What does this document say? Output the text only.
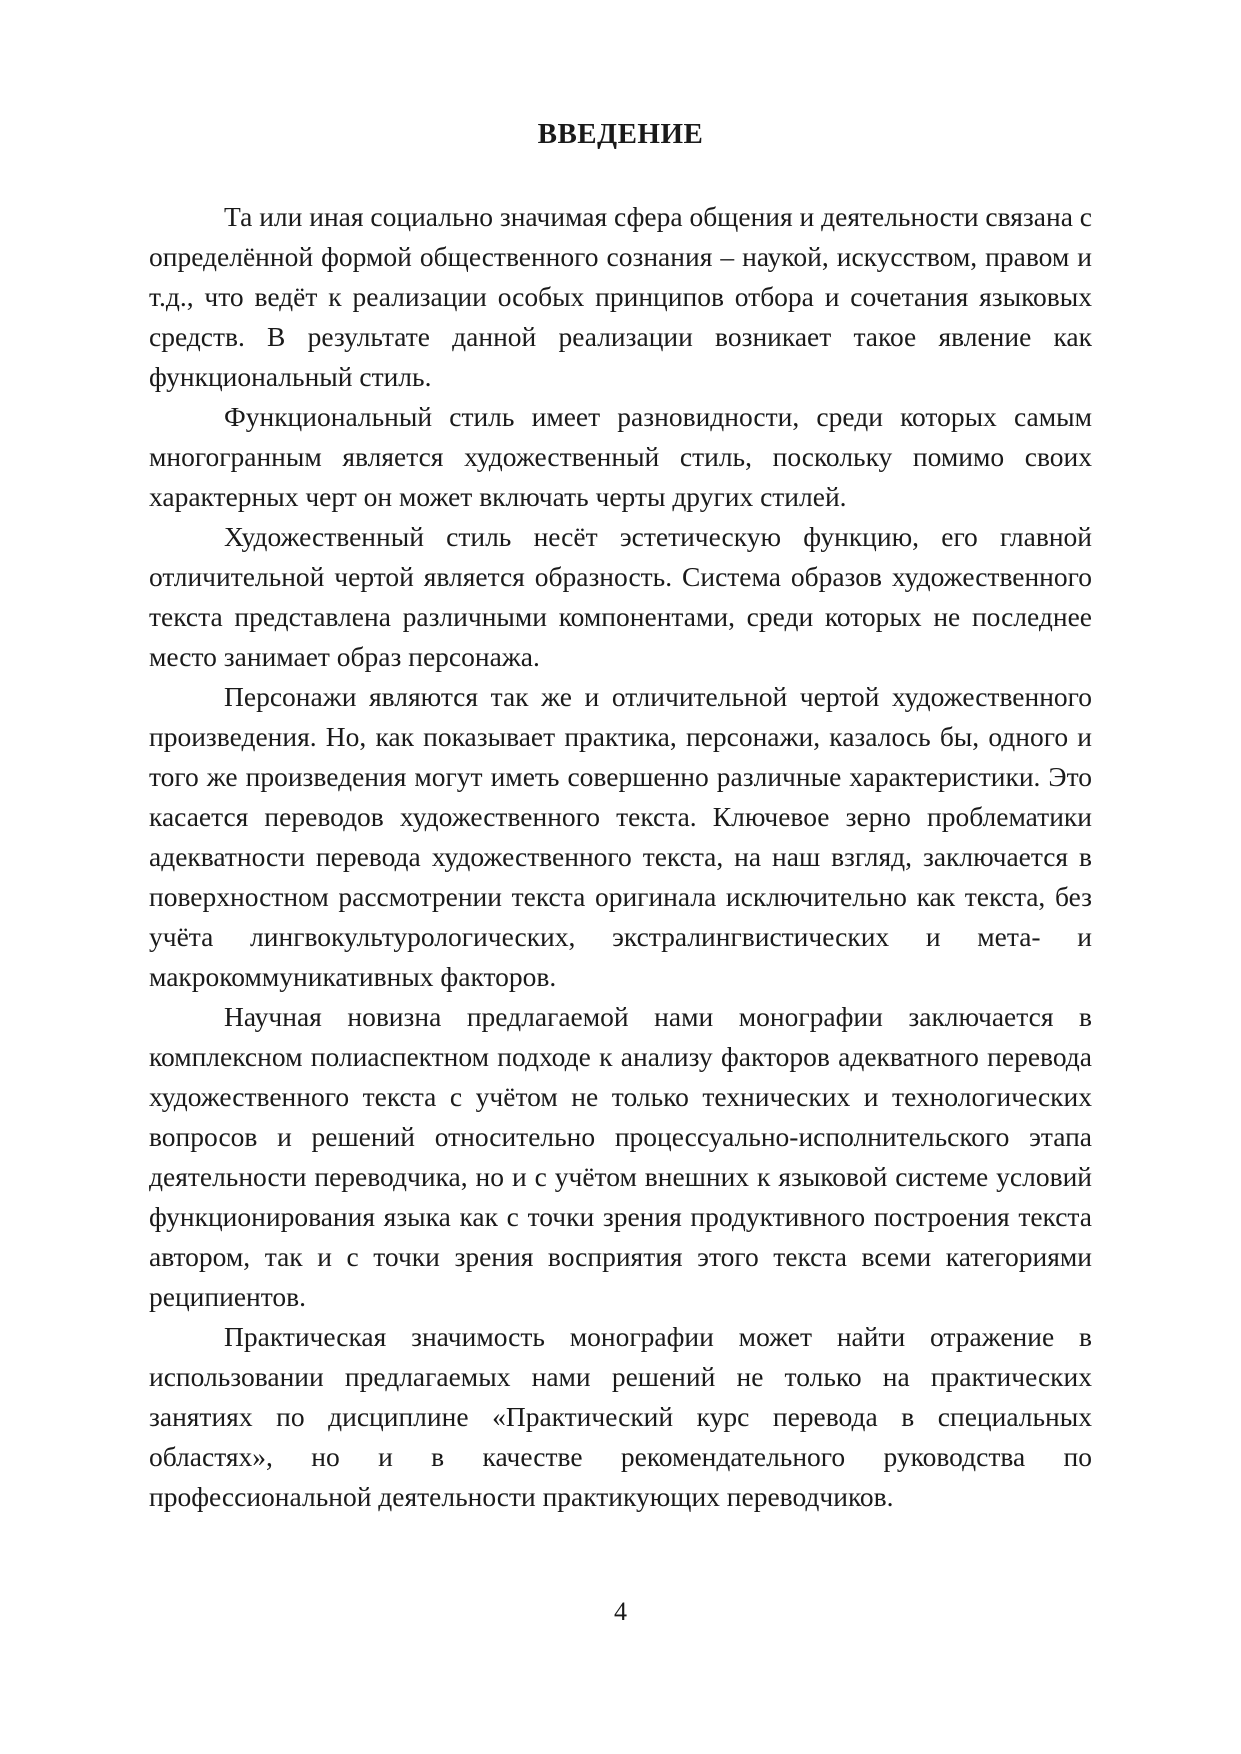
ВВЕДЕНИЕ

Та или иная социально значимая сфера общения и деятельности связана с определённой формой общественного сознания – наукой, искусством, правом и т.д., что ведёт к реализации особых принципов отбора и сочетания языковых средств. В результате данной реализации возникает такое явление как функциональный стиль.

Функциональный стиль имеет разновидности, среди которых самым многогранным является художественный стиль, поскольку помимо своих характерных черт он может включать черты других стилей.

Художественный стиль несёт эстетическую функцию, его главной отличительной чертой является образность. Система образов художественного текста представлена различными компонентами, среди которых не последнее место занимает образ персонажа.

Персонажи являются так же и отличительной чертой художественного произведения. Но, как показывает практика, персонажи, казалось бы, одного и того же произведения могут иметь совершенно различные характеристики. Это касается переводов художественного текста. Ключевое зерно проблематики адекватности перевода художественного текста, на наш взгляд, заключается в поверхностном рассмотрении текста оригинала исключительно как текста, без учёта лингвокультурологических, экстралингвистических и мета- и макрокоммуникативных факторов.

Научная новизна предлагаемой нами монографии заключается в комплексном полиаспектном подходе к анализу факторов адекватного перевода художественного текста с учётом не только технических и технологических вопросов и решений относительно процессуально-исполнительского этапа деятельности переводчика, но и с учётом внешних к языковой системе условий функционирования языка как с точки зрения продуктивного построения текста автором, так и с точки зрения восприятия этого текста всеми категориями реципиентов.

Практическая значимость монографии может найти отражение в использовании предлагаемых нами решений не только на практических занятиях по дисциплине «Практический курс перевода в специальных областях», но и в качестве рекомендательного руководства по профессиональной деятельности практикующих переводчиков.

4
